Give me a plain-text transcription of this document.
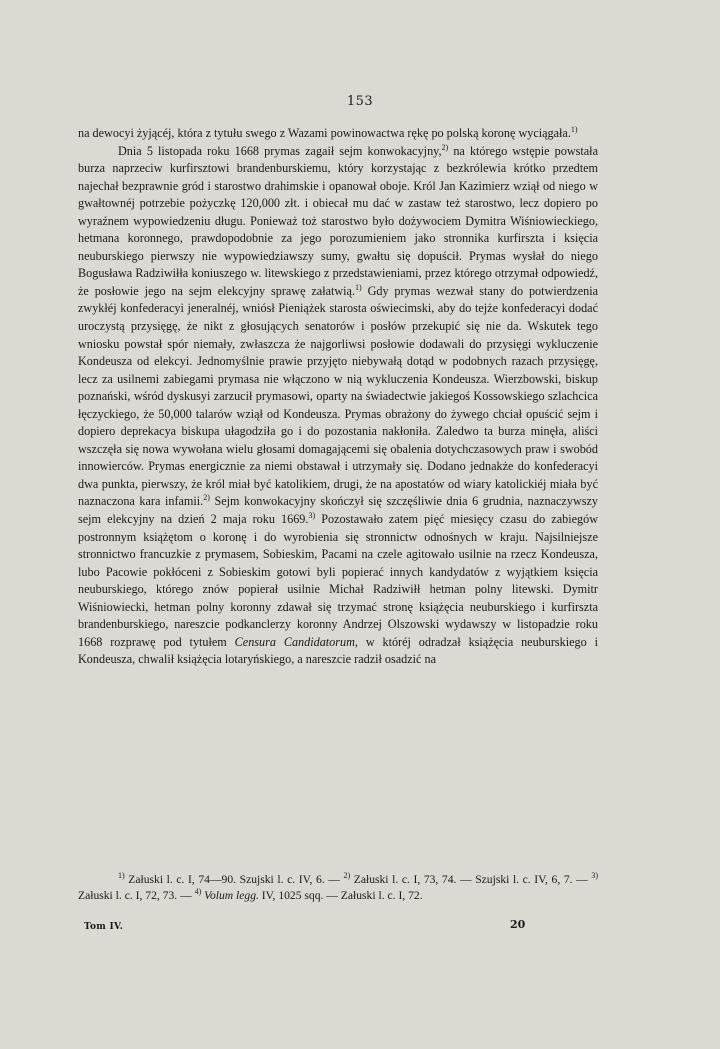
153

na dewocyi żyjącéj, która z tytułu swego z Wazami powinowactwa rękę po polską koronę wyciągała.$^{1)}$

Dnia 5 listopada roku 1668 prymas zagaił sejm konwokacyjny,$^{2)}$ na którego wstępie powstała burza naprzeciw kurfirsztowi brandenburskiemu, który korzystając z bezkrólewia krótko przedtem najechał bezprawnie gród i starostwo drahimskie i opanował oboje. Król Jan Kazimierz wziął od niego w gwałtownéj potrzebie pożyczkę 120,000 złt. i obiecał mu dać w zastaw też starostwo, lecz dopiero po wyraźnem wypowiedzeniu długu. Ponieważ toż starostwo było dożywociem Dymitra Wiśniowieckiego, hetmana koronnego, prawdopodobnie za jego porozumieniem jako stronnika kurfirszta i księcia neuburskiego pierwszy nie wypowiedziawszy sumy, gwałtu się dopuścił. Prymas wysłał do niego Bogusława Radziwiłła koniuszego w. litewskiego z przedstawieniami, przez którego otrzymał odpowiedź, że posłowie jego na sejm elekcyjny sprawę załatwią.$^{1)}$ Gdy prymas wezwał stany do potwierdzenia zwykłéj konfederacyi jeneralnéj, wniósł Pieniążek starosta oświecimski, aby do tejże konfederacyi dodać uroczystą przysięgę, że nikt z głosujących senatorów i posłów przekupić się nie da. Wskutek tego wniosku powstał spór niemały, zwłaszcza że najgorliwsi posłowie dodawali do przysięgi wykluczenie Kondeusza od elekcyi. Jednomyślnie prawie przyjęto niebywałą dotąd w podobnych razach przysięgę, lecz za usilnemi zabiegami prymasa nie włączono w nią wykluczenia Kondeusza. Wierzbowski, biskup poznański, wśród dyskusyi zarzucił prymasowi, oparty na świadectwie jakiegoś Kossowskiego szlachcica łęczyckiego, że 50,000 talarów wziął od Kondeusza. Prymas obrażony do żywego chciał opuścić sejm i dopiero deprekacya biskupa ułagodziła go i do pozostania nakłoniła. Zaledwo ta burza minęła, aliści wszczęła się nowa wywołana wielu głosami domagającemi się obalenia dotychczasowych praw i swobód innowierców. Prymas energicznie za niemi obstawał i utrzymały się. Dodano jednakże do konfederacyi dwa punkta, pierwszy, że król miał być katolikiem, drugi, że na apostatów od wiary katolickiéj miała być naznaczona kara infamii.$^{2)}$ Sejm konwokacyjny skończył się szczęśliwie dnia 6 grudnia, naznaczywszy sejm elekcyjny na dzień 2 maja roku 1669.$^{3)}$ Pozostawało zatem pięć miesięcy czasu do zabiegów postronnym książętom o koronę i do wyrobienia się stronnictw odnośnych w kraju. Najsilniejsze stronnictwo francuzkie z prymasem, Sobieskim, Pacami na czele agitowało usilnie na rzecz Kondeusza, lubo Pacowie pokłóceni z Sobieskim gotowi byli popierać innych kandydatów z wyjątkiem księcia neuburskiego, którego znów popierał usilnie Michał Radziwiłł hetman polny litewski. Dymitr Wiśniowiecki, hetman polny koronny zdawał się trzymać stronę książęcia neuburskiego i kurfirszta brandenburskiego, nareszcie podkanclerzy koronny Andrzej Olszowski wydawszy w listopadzie roku 1668 rozprawę pod tytułem Censura Candidatorum, w któréj odradzał książęcia neuburskiego i Kondeusza, chwalił książęcia lotaryńskiego, a nareszcie radził osadzić na

$^{1)}$ Załuski l. c. I, 74—90. Szujski l. c. IV, 6. — $^{2)}$ Załuski l. c. I, 73, 74. — Szujski l. c. IV, 6, 7. — $^{3)}$ Załuski l. c. I, 72, 73. — $^{4)}$ Volum legg. IV, 1025 sqq. — Załuski l. c. I, 72.

Tom IV.	20
